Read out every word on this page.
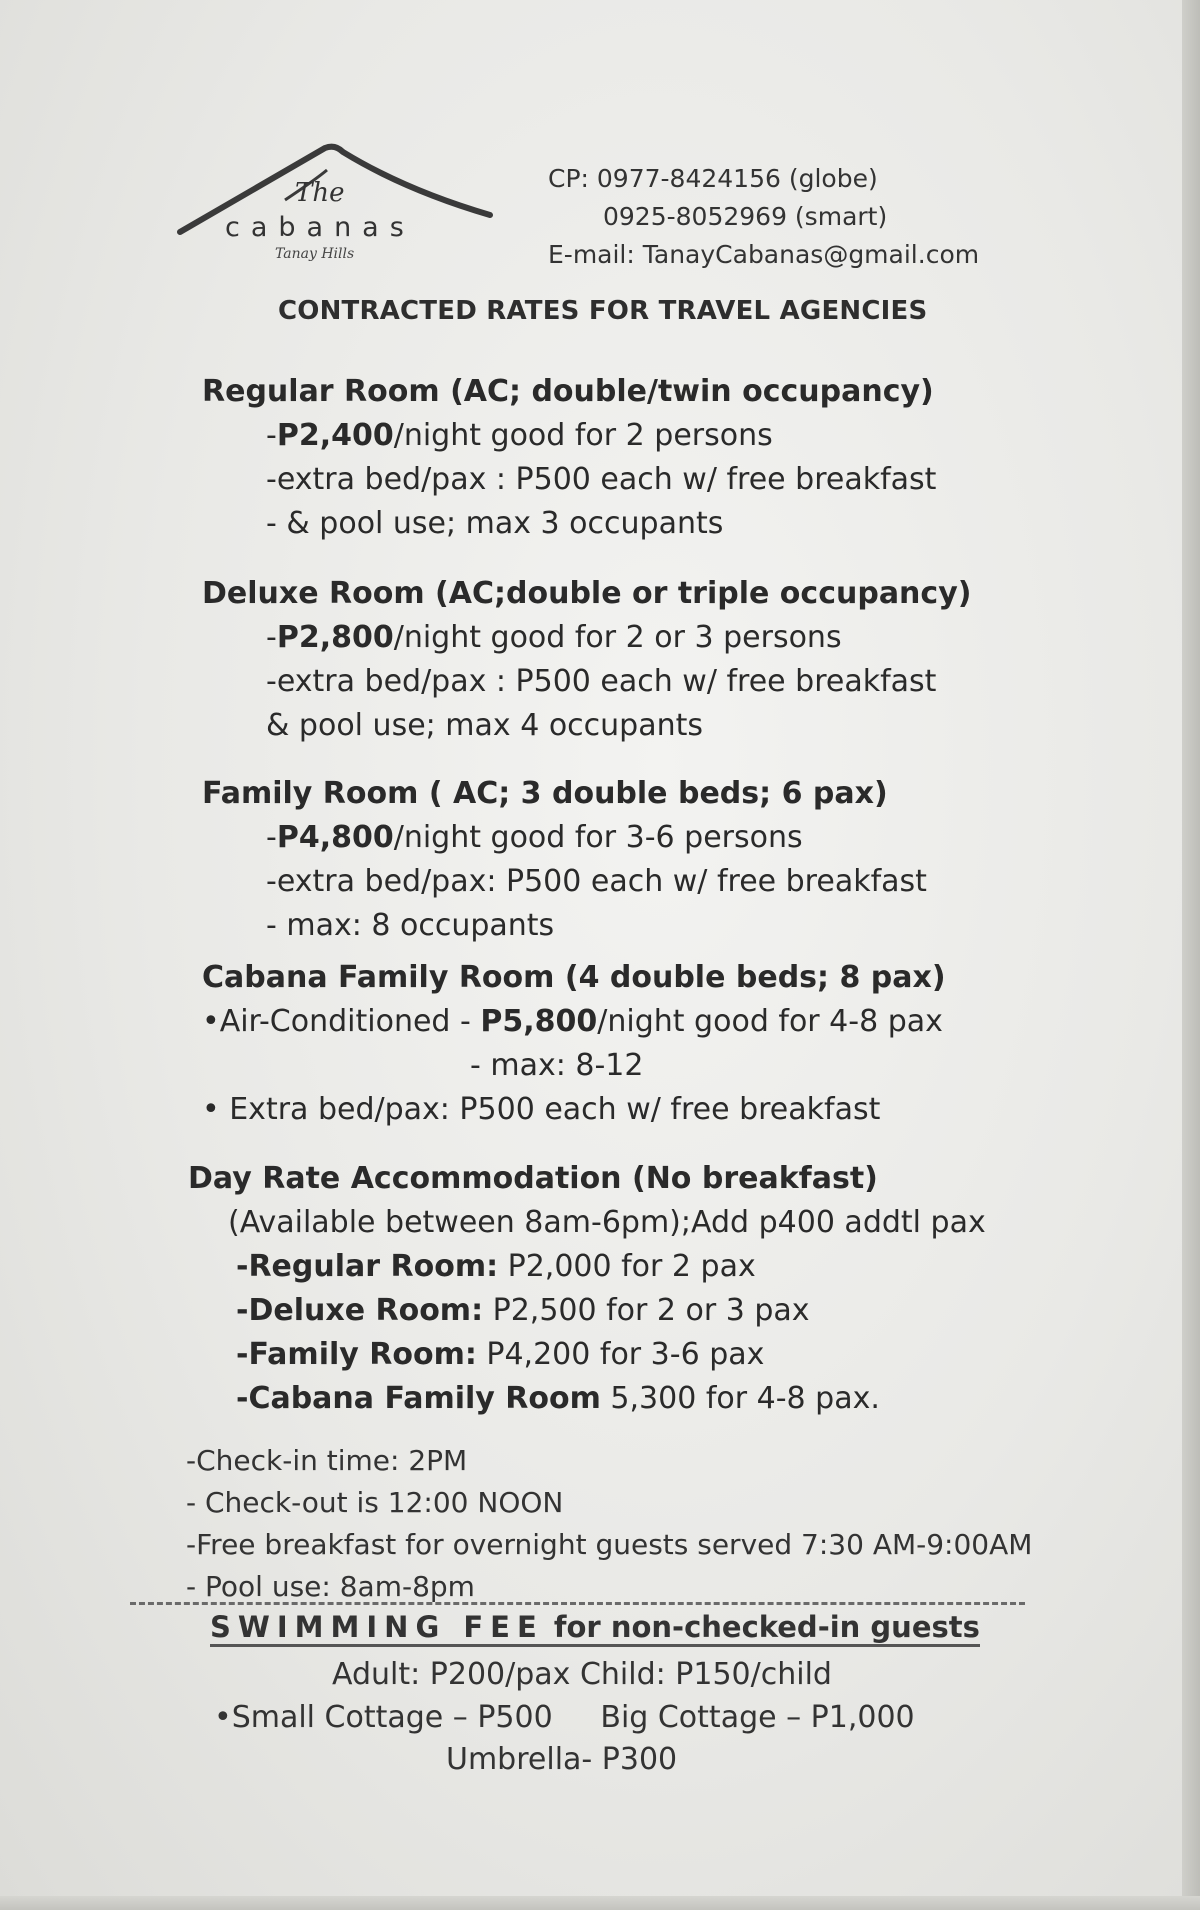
The
cabanas
Tanay Hills
CP: 0977-8424156 (globe)
0925-8052969 (smart)
E-mail: TanayCabanas@gmail.com
CONTRACTED RATES FOR TRAVEL AGENCIES
Regular Room (AC; double/twin occupancy)
-P2,400/night good for 2 persons
-extra bed/pax : P500 each w/ free breakfast
- & pool use; max 3 occupants
Deluxe Room (AC;double or triple occupancy)
-P2,800/night good for 2 or 3 persons
-extra bed/pax : P500 each w/ free breakfast
& pool use; max 4 occupants
Family Room ( AC; 3 double beds; 6 pax)
-P4,800/night good for 3-6 persons
-extra bed/pax: P500 each w/ free breakfast
- max: 8 occupants
Cabana Family Room (4 double beds; 8 pax)
•Air-Conditioned - P5,800/night good for 4-8 pax
- max: 8-12
• Extra bed/pax: P500 each w/ free breakfast
Day Rate Accommodation (No breakfast)
(Available between 8am-6pm);Add p400 addtl pax
-Regular Room: P2,000 for 2 pax
-Deluxe Room: P2,500 for 2 or 3 pax
-Family Room: P4,200 for 3-6 pax
-Cabana Family Room 5,300 for 4-8 pax.
-Check-in time: 2PM
- Check-out is 12:00 NOON
-Free breakfast for overnight guests served 7:30 AM-9:00AM
- Pool use: 8am-8pm
SWIMMING FEE for non-checked-in guests
Adult: P200/pax Child: P150/child
•Small Cottage – P500     Big Cottage – P1,000
Umbrella- P300
